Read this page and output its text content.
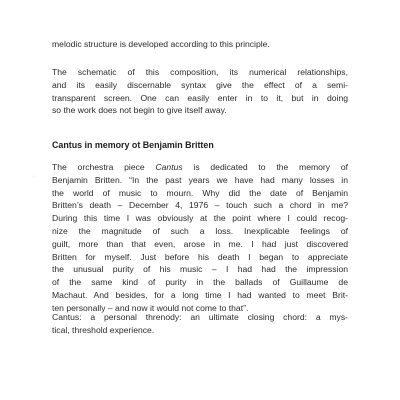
melodic structure is developed according to this principle.
The schematic of this composition, its numerical relationships,
and its easily discernable syntax give the effect of a semi-
transparent screen. One can easily enter in to it, but in doing
so the work does not begin to give itself away.
Cantus in memory ot Benjamin Britten
′
The orchestra piece Cantus is dedicated to the memory of
Benjamin Britten. “In the past years we have had many losses in
the world of music to mourn. Why did the date of Benjamin
Britten’s death – December 4, 1976 – touch such a chord in me?
During this time I was obviously at the point where I could recog-
nize the magnitude of such a loss. Inexplicable feelings of
guilt, more than that even, arose in me. I had just discovered
Britten for myself. Just before his death I began to appreciate
the unusual purity of his music – I had had the impression
of the same kind of purity in the ballads of Guillaume de
Machaut. And besides, for a long time I had wanted to meet Brit-
ten personally – and now it would not come to that”.
Cantus: a personal threnody: an ultimate closing chord: a mys-
tical, threshold experience.
